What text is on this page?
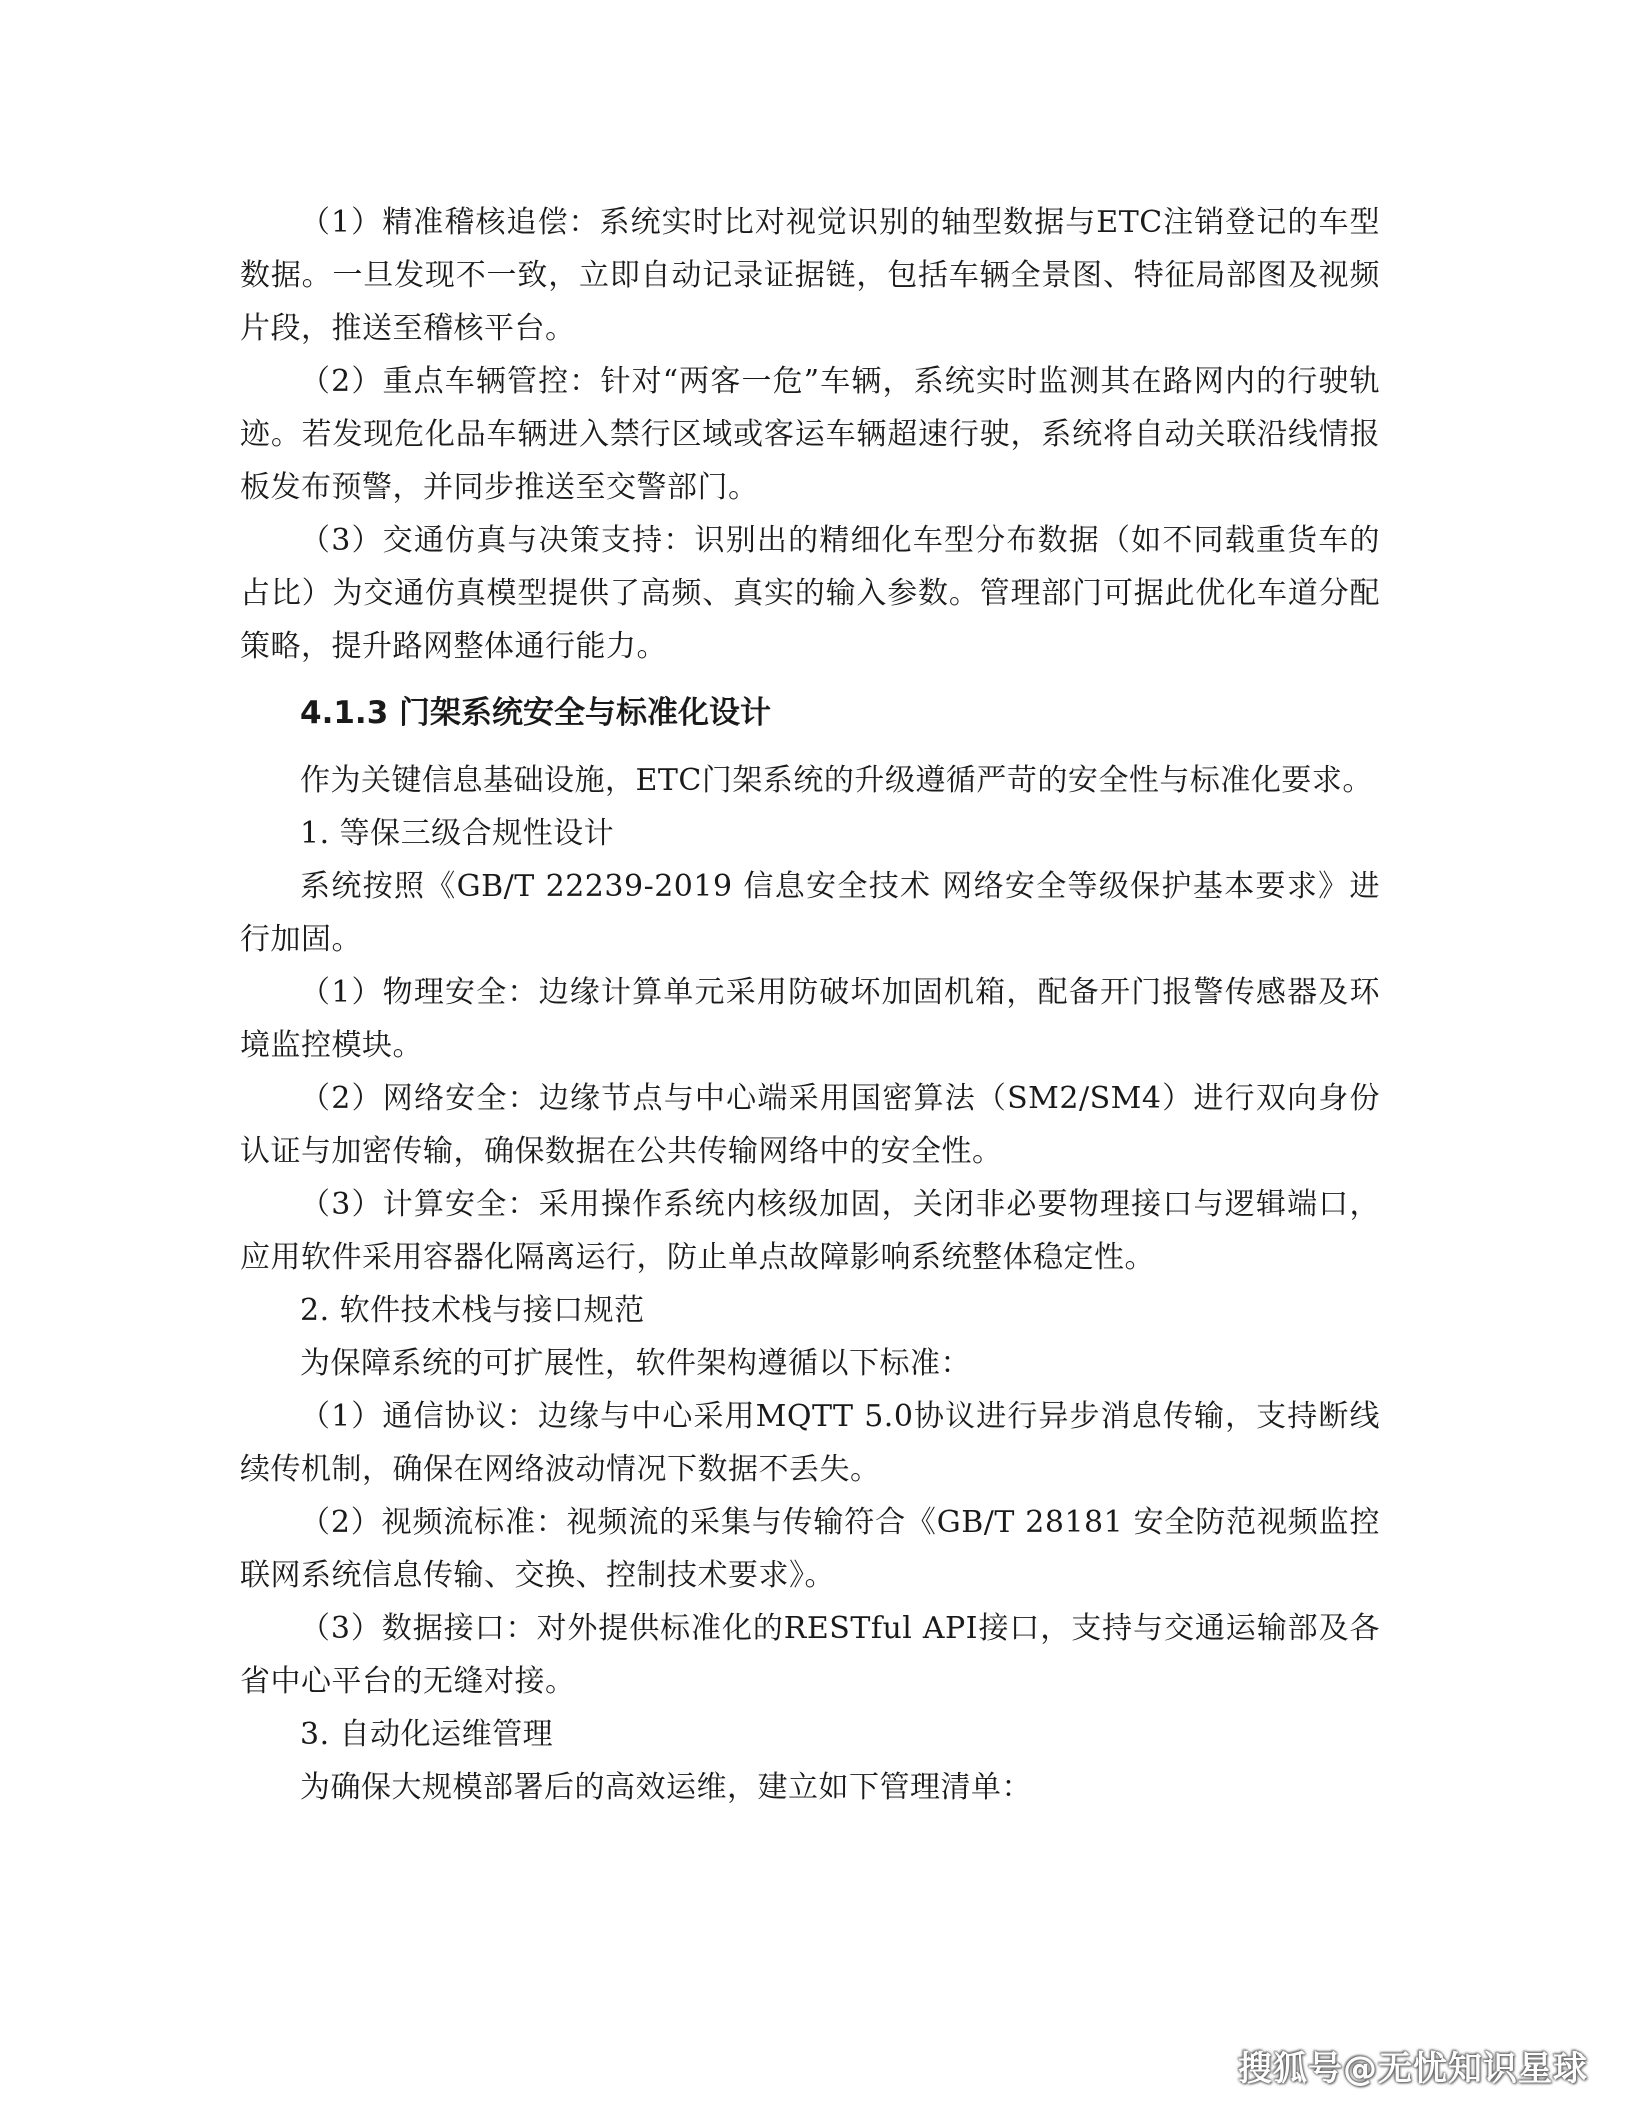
（1）精准稽核追偿：系统实时比对视觉识别的轴型数据与ETC注销登记的车型数据。一旦发现不一致，立即自动记录证据链，包括车辆全景图、特征局部图及视频片段，推送至稽核平台。

（2）重点车辆管控：针对“两客一危”车辆，系统实时监测其在路网内的行驶轨迹。若发现危化品车辆进入禁行区域或客运车辆超速行驶，系统将自动关联沿线情报板发布预警，并同步推送至交警部门。

（3）交通仿真与决策支持：识别出的精细化车型分布数据（如不同载重货车的占比）为交通仿真模型提供了高频、真实的输入参数。管理部门可据此优化车道分配策略，提升路网整体通行能力。

4.1.3 门架系统安全与标准化设计

作为关键信息基础设施，ETC门架系统的升级遵循严苛的安全性与标准化要求。

1. 等保三级合规性设计

系统按照《GB/T 22239-2019 信息安全技术 网络安全等级保护基本要求》进行加固。

（1）物理安全：边缘计算单元采用防破坏加固机箱，配备开门报警传感器及环境监控模块。

（2）网络安全：边缘节点与中心端采用国密算法（SM2/SM4）进行双向身份认证与加密传输，确保数据在公共传输网络中的安全性。

（3）计算安全：采用操作系统内核级加固，关闭非必要物理接口与逻辑端口，应用软件采用容器化隔离运行，防止单点故障影响系统整体稳定性。

2. 软件技术栈与接口规范

为保障系统的可扩展性，软件架构遵循以下标准：

（1）通信协议：边缘与中心采用MQTT 5.0协议进行异步消息传输，支持断线续传机制，确保在网络波动情况下数据不丢失。

（2）视频流标准：视频流的采集与传输符合《GB/T 28181 安全防范视频监控联网系统信息传输、交换、控制技术要求》。

（3）数据接口：对外提供标准化的RESTful API接口，支持与交通运输部及各省中心平台的无缝对接。

3. 自动化运维管理

为确保大规模部署后的高效运维，建立如下管理清单：

搜狐号@无忧知识星球
